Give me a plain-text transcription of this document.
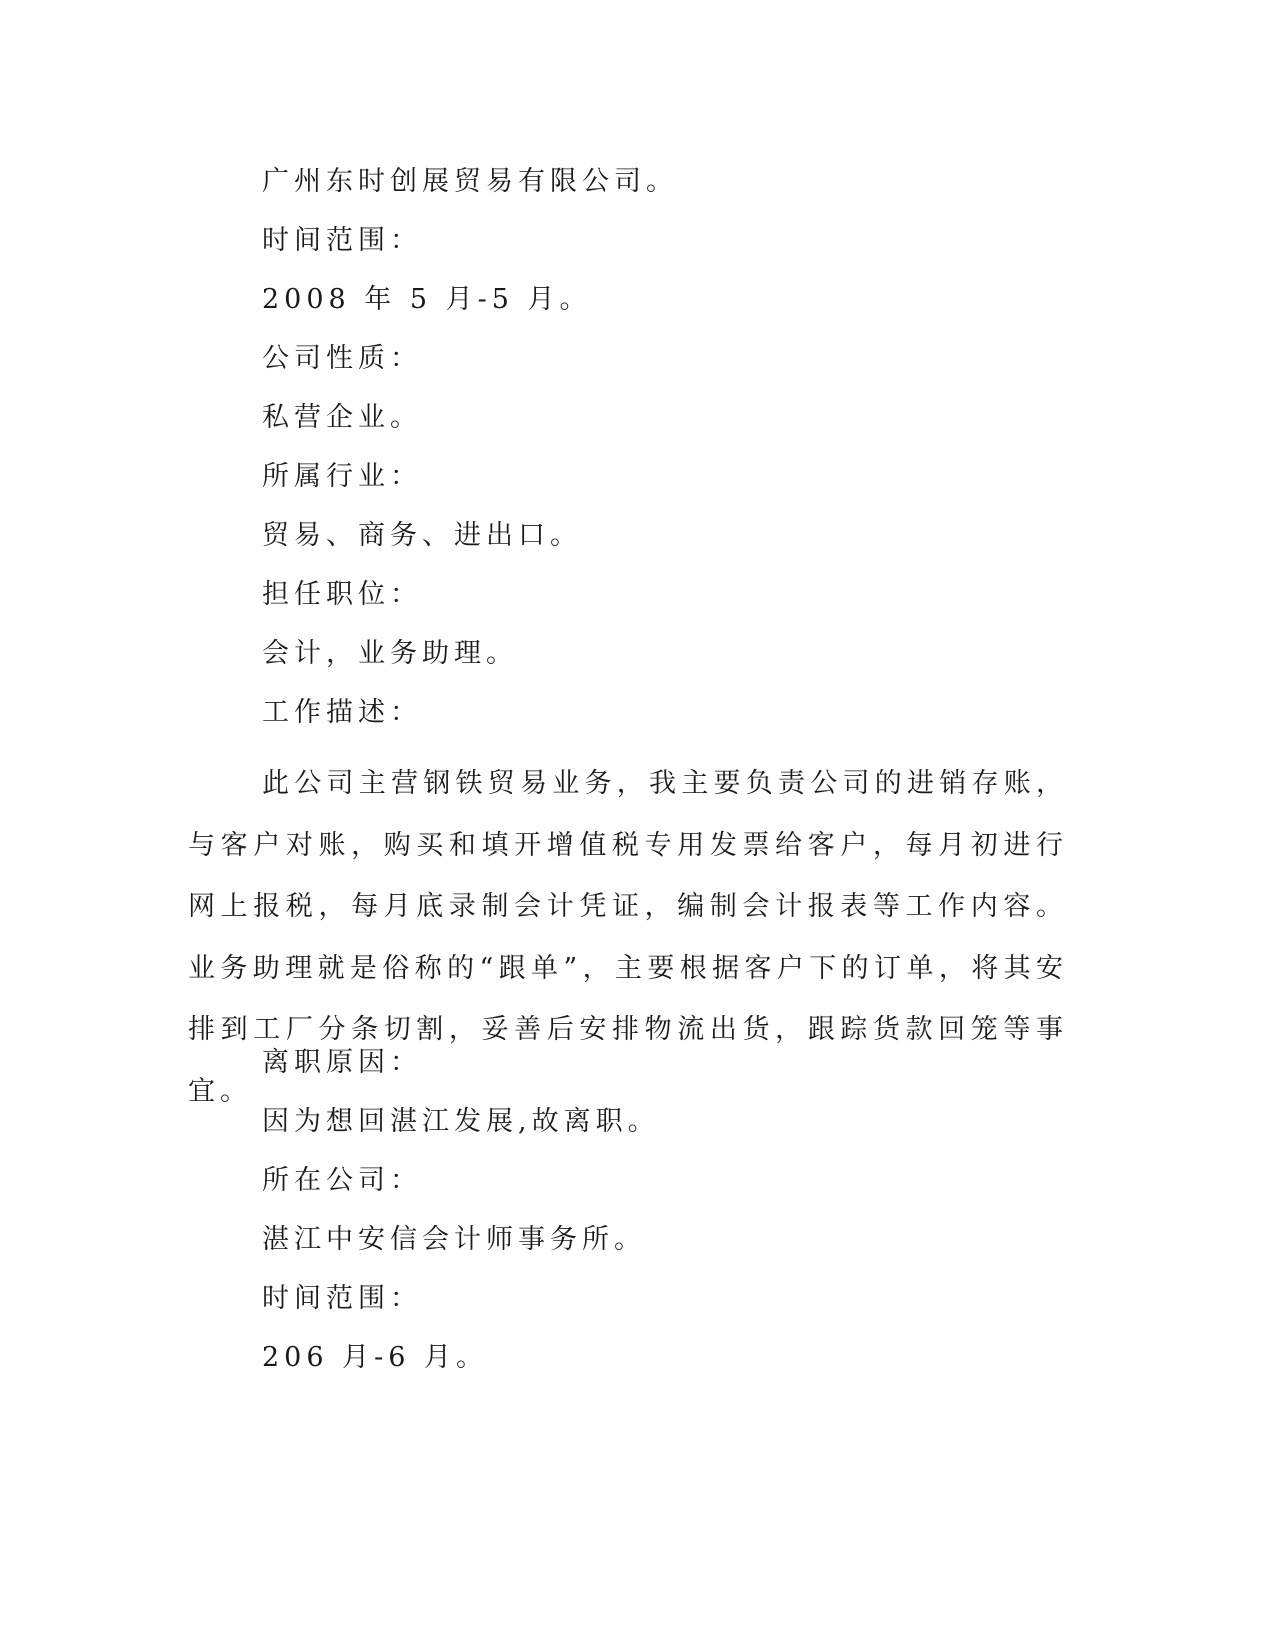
广州东时创展贸易有限公司。
时间范围：
2008 年 5 月-5 月。
公司性质：
私营企业。
所属行业：
贸易、商务、进出口。
担任职位：
会计，业务助理。
工作描述：

此公司主营钢铁贸易业务，我主要负责公司的进销存账，与客户对账，购买和填开增值税专用发票给客户，每月初进行网上报税，每月底录制会计凭证，编制会计报表等工作内容。业务助理就是俗称的“跟单”，主要根据客户下的订单，将其安排到工厂分条切割，妥善后安排物流出货，跟踪货款回笼等事宜。

离职原因：
因为想回湛江发展,故离职。
所在公司：
湛江中安信会计师事务所。
时间范围：
206 月-6 月。
